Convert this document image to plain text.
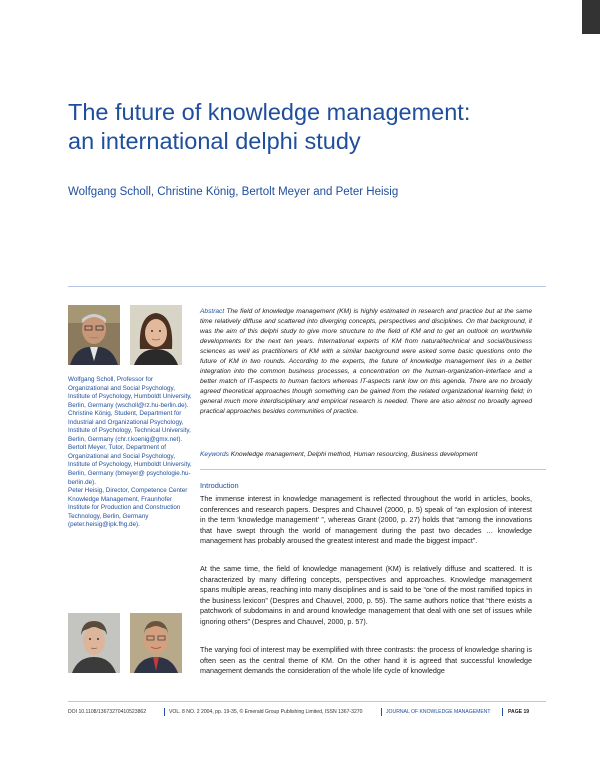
The future of knowledge management:
an international delphi study
Wolfgang Scholl, Christine König, Bertolt Meyer and Peter Heisig

Wolfgang Scholl, Professor for Organizational and Social Psychology, Institute of Psychology, Humboldt University, Berlin, Germany (wscholl@rz.hu-berlin.de).

Christine König, Student, Department for Industrial and Organizational Psychology, Institute of Psychology, Technical University, Berlin, Germany (chr.r.koenig@gmx.net).

Bertolt Meyer, Tutor, Department of Organizational and Social Psychology, Institute of Psychology, Humboldt University, Berlin, Germany (bmeyer@ psychologie.hu-berlin.de).

Peter Heisig, Director, Competence Center Knowledge Management, Fraunhofer Institute for Production and Construction Technology, Berlin, Germany (peter.heisig@ipk.fhg.de).

Abstract The field of knowledge management (KM) is highly estimated in research and practice but at the same time relatively diffuse and scattered into diverging concepts, perspectives and disciplines. On that background, it was the aim of this delphi study to give more structure to the field of KM and to get an outlook on worthwhile developments for the next ten years. International experts of KM from natural/technical and social/business sciences as well as practitioners of KM with a similar background were asked some basic questions onto the future of KM in two rounds. According to the experts, the future of knowledge management lies in a better integration into the common business processes, a concentration on the human-organization-interface and a better match of IT-aspects to human factors whereas IT-aspects rank low on this agenda. There are no broadly agreed theoretical approaches though something can be gained from the related organizational learning field; in general much more interdisciplinary and empirical research is needed. There are also almost no broadly agreed practical approaches besides communities of practice.
Keywords Knowledge management, Delphi method, Human resourcing, Business development
Introduction

The immense interest in knowledge management is reflected throughout the world in articles, books, conferences and research papers. Despres and Chauvel (2000, p. 5) speak of “an explosion of interest in the term ‘knowledge management’ ”, whereas Grant (2000, p. 27) holds that “among the innovations that have swept through the world of management during the past two decades … knowledge management has probably aroused the greatest interest and made the biggest impact”.

At the same time, the field of knowledge management (KM) is relatively diffuse and scattered. It is characterized by many differing concepts, perspectives and approaches. Knowledge management spans multiple areas, reaching into many disciplines and is said to be “one of the most ramified topics in the business lexicon” (Despres and Chauvel, 2000, p. 55). The same authors notice that “there exists a patchwork of subdomains in and around knowledge management that deal with one set of issues while ignoring others” (Despres and Chauvel, 2000, p. 57).

The varying foci of interest may be exemplified with three contrasts: the process of knowledge sharing is often seen as the central theme of KM. On the other hand it is agreed that successful knowledge management demands the consideration of the whole life cycle of knowledge

DOI 10.1108/13673270410523862	VOL. 8 NO. 2 2004, pp. 19-35, © Emerald Group Publishing Limited, ISSN 1367-3270	JOURNAL OF KNOWLEDGE MANAGEMENT	PAGE 19
